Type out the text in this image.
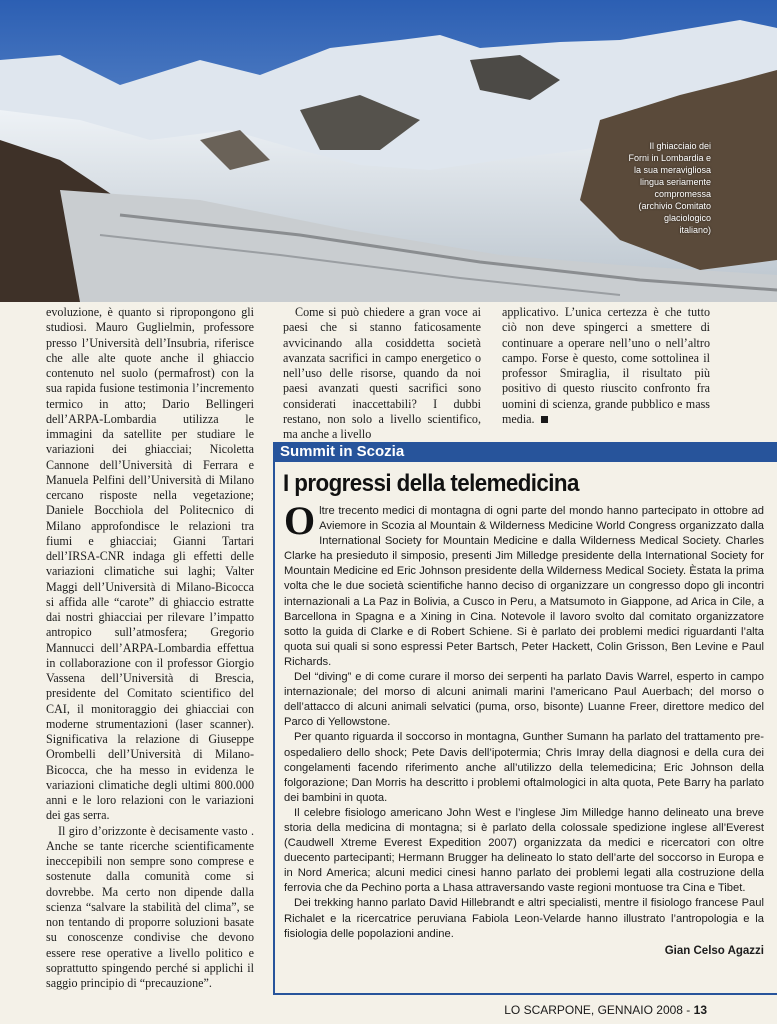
Il ghiacciaio dei
Forni in Lombardia e
la sua meravigliosa
lingua seriamente
compromessa
(archivio Comitato
glaciologico
italiano)

evoluzione, è quanto si ripropongono gli studiosi. Mauro Guglielmin, professore presso l’Università dell’Insubria, riferisce che alle alte quote anche il ghiaccio contenuto nel suolo (permafrost) con la sua rapida fusione testimonia l’incremento termico in atto; Dario Bellingeri dell’ARPA-Lombardia utilizza le immagini da satellite per studiare le variazioni dei ghiacciai; Nicoletta Cannone dell’Università di Ferrara e Manuela Pelfini dell’Università di Milano cercano risposte nella vegetazione; Daniele Bocchiola del Politecnico di Milano approfondisce le relazioni tra fiumi e ghiacciai; Gianni Tartari dell’IRSA-CNR indaga gli effetti delle variazioni climatiche sui laghi; Valter Maggi dell’Università di Milano-Bicocca si affida alle “carote” di ghiaccio estratte dai nostri ghiacciai per rilevare l’impatto antropico sull’atmosfera; Gregorio Mannucci dell’ARPA-Lombardia effettua in collaborazione con il professor Giorgio Vassena dell’Università di Brescia, presidente del Comitato scientifico del CAI, il monitoraggio dei ghiacciai con moderne strumentazioni (laser scanner). Significativa la relazione di Giuseppe Orombelli dell’Università di Milano-Bicocca, che ha messo in evidenza le variazioni climatiche degli ultimi 800.000 anni e le loro relazioni con le variazioni dei gas serra.

Il giro d’orizzonte è decisamente vasto . Anche se tante ricerche scientificamente ineccepibili non sempre sono comprese e sostenute dalla comunità come si dovrebbe. Ma certo non dipende dalla scienza “salvare la stabilità del clima”, se non tentando di proporre soluzioni basate su conoscenze condivise che devono essere rese operative a livello politico e soprattutto spingendo perché si applichi il saggio principio di “precauzione”.

Come si può chiedere a gran voce ai paesi che si stanno faticosamente avvicinando alla cosiddetta società avanzata sacrifici in campo energetico o nell’uso delle risorse, quando da noi paesi avanzati questi sacrifici sono considerati inaccettabili? I dubbi restano, non solo a livello scientifico, ma anche a livello

applicativo. L’unica certezza è che tutto ciò non deve spingerci a smettere di continuare a operare nell’uno o nell’altro campo. Forse è questo, come sottolinea il professor Smiraglia, il risultato più positivo di questo riuscito confronto fra uomini di scienza, grande pubblico e mass media.

Summit in Scozia
I progressi della telemedicina

Oltre trecento medici di montagna di ogni parte del mondo hanno partecipato in ottobre ad Aviemore in Scozia al Mountain & Wilderness Medicine World Congress organizzato dalla International Society for Mountain Medicine e dalla Wilderness Medical Society. Charles Clarke ha presieduto il simposio, presenti Jim Milledge presidente della International Society for Mountain Medicine ed Eric Johnson presidente della Wilderness Medical Society. Èstata la prima volta che le due società scientifiche hanno deciso di organizzare un congresso dopo gli incontri internazionali a La Paz in Bolivia, a Cusco in Peru, a Matsumoto in Giappone, ad Arica in Cile, a Barcellona in Spagna e a Xining in Cina. Notevole il lavoro svolto dal comitato organizzatore sotto la guida di Clarke e di Robert Schiene. Si è parlato dei problemi medici riguardanti l’alta quota sui quali si sono espressi Peter Bartsch, Peter Hackett, Colin Grisson, Ben Levine e Paul Richards.

Del “diving” e di come curare il morso dei serpenti ha parlato Davis Warrel, esperto in campo internazionale; del morso di alcuni animali marini l’americano Paul Auerbach; del morso o dell’attacco di alcuni animali selvatici (puma, orso, bisonte) Luanne Freer, direttore medico del Parco di Yellowstone.

Per quanto riguarda il soccorso in montagna, Gunther Sumann ha parlato del trattamento pre-ospedaliero dello shock; Pete Davis dell’ipotermia; Chris Imray della diagnosi e della cura dei congelamenti facendo riferimento anche all’utilizzo della telemedicina; Eric Johnson della folgorazione; Dan Morris ha descritto i problemi oftalmologici in alta quota, Pete Barry ha parlato dei bambini in quota.

Il celebre fisiologo americano John West e l’inglese Jim Milledge hanno delineato una breve storia della medicina di montagna; si è parlato della colossale spedizione inglese all’Everest (Caudwell Xtreme Everest Expedition 2007) organizzata da medici e ricercatori con oltre duecento partecipanti; Hermann Brugger ha delineato lo stato dell’arte del soccorso in Europa e in Nord America; alcuni medici cinesi hanno parlato dei problemi legati alla costruzione della ferrovia che da Pechino porta a Lhasa attraversando vaste regioni montuose tra Cina e Tibet.

Dei trekking hanno parlato David Hillebrandt e altri specialisti, mentre il fisiologo francese Paul Richalet e la ricercatrice peruviana Fabiola Leon-Velarde hanno illustrato l’antropologia e la fisiologia delle popolazioni andine.

Gian Celso Agazzi
LO SCARPONE, GENNAIO 2008 - 13
